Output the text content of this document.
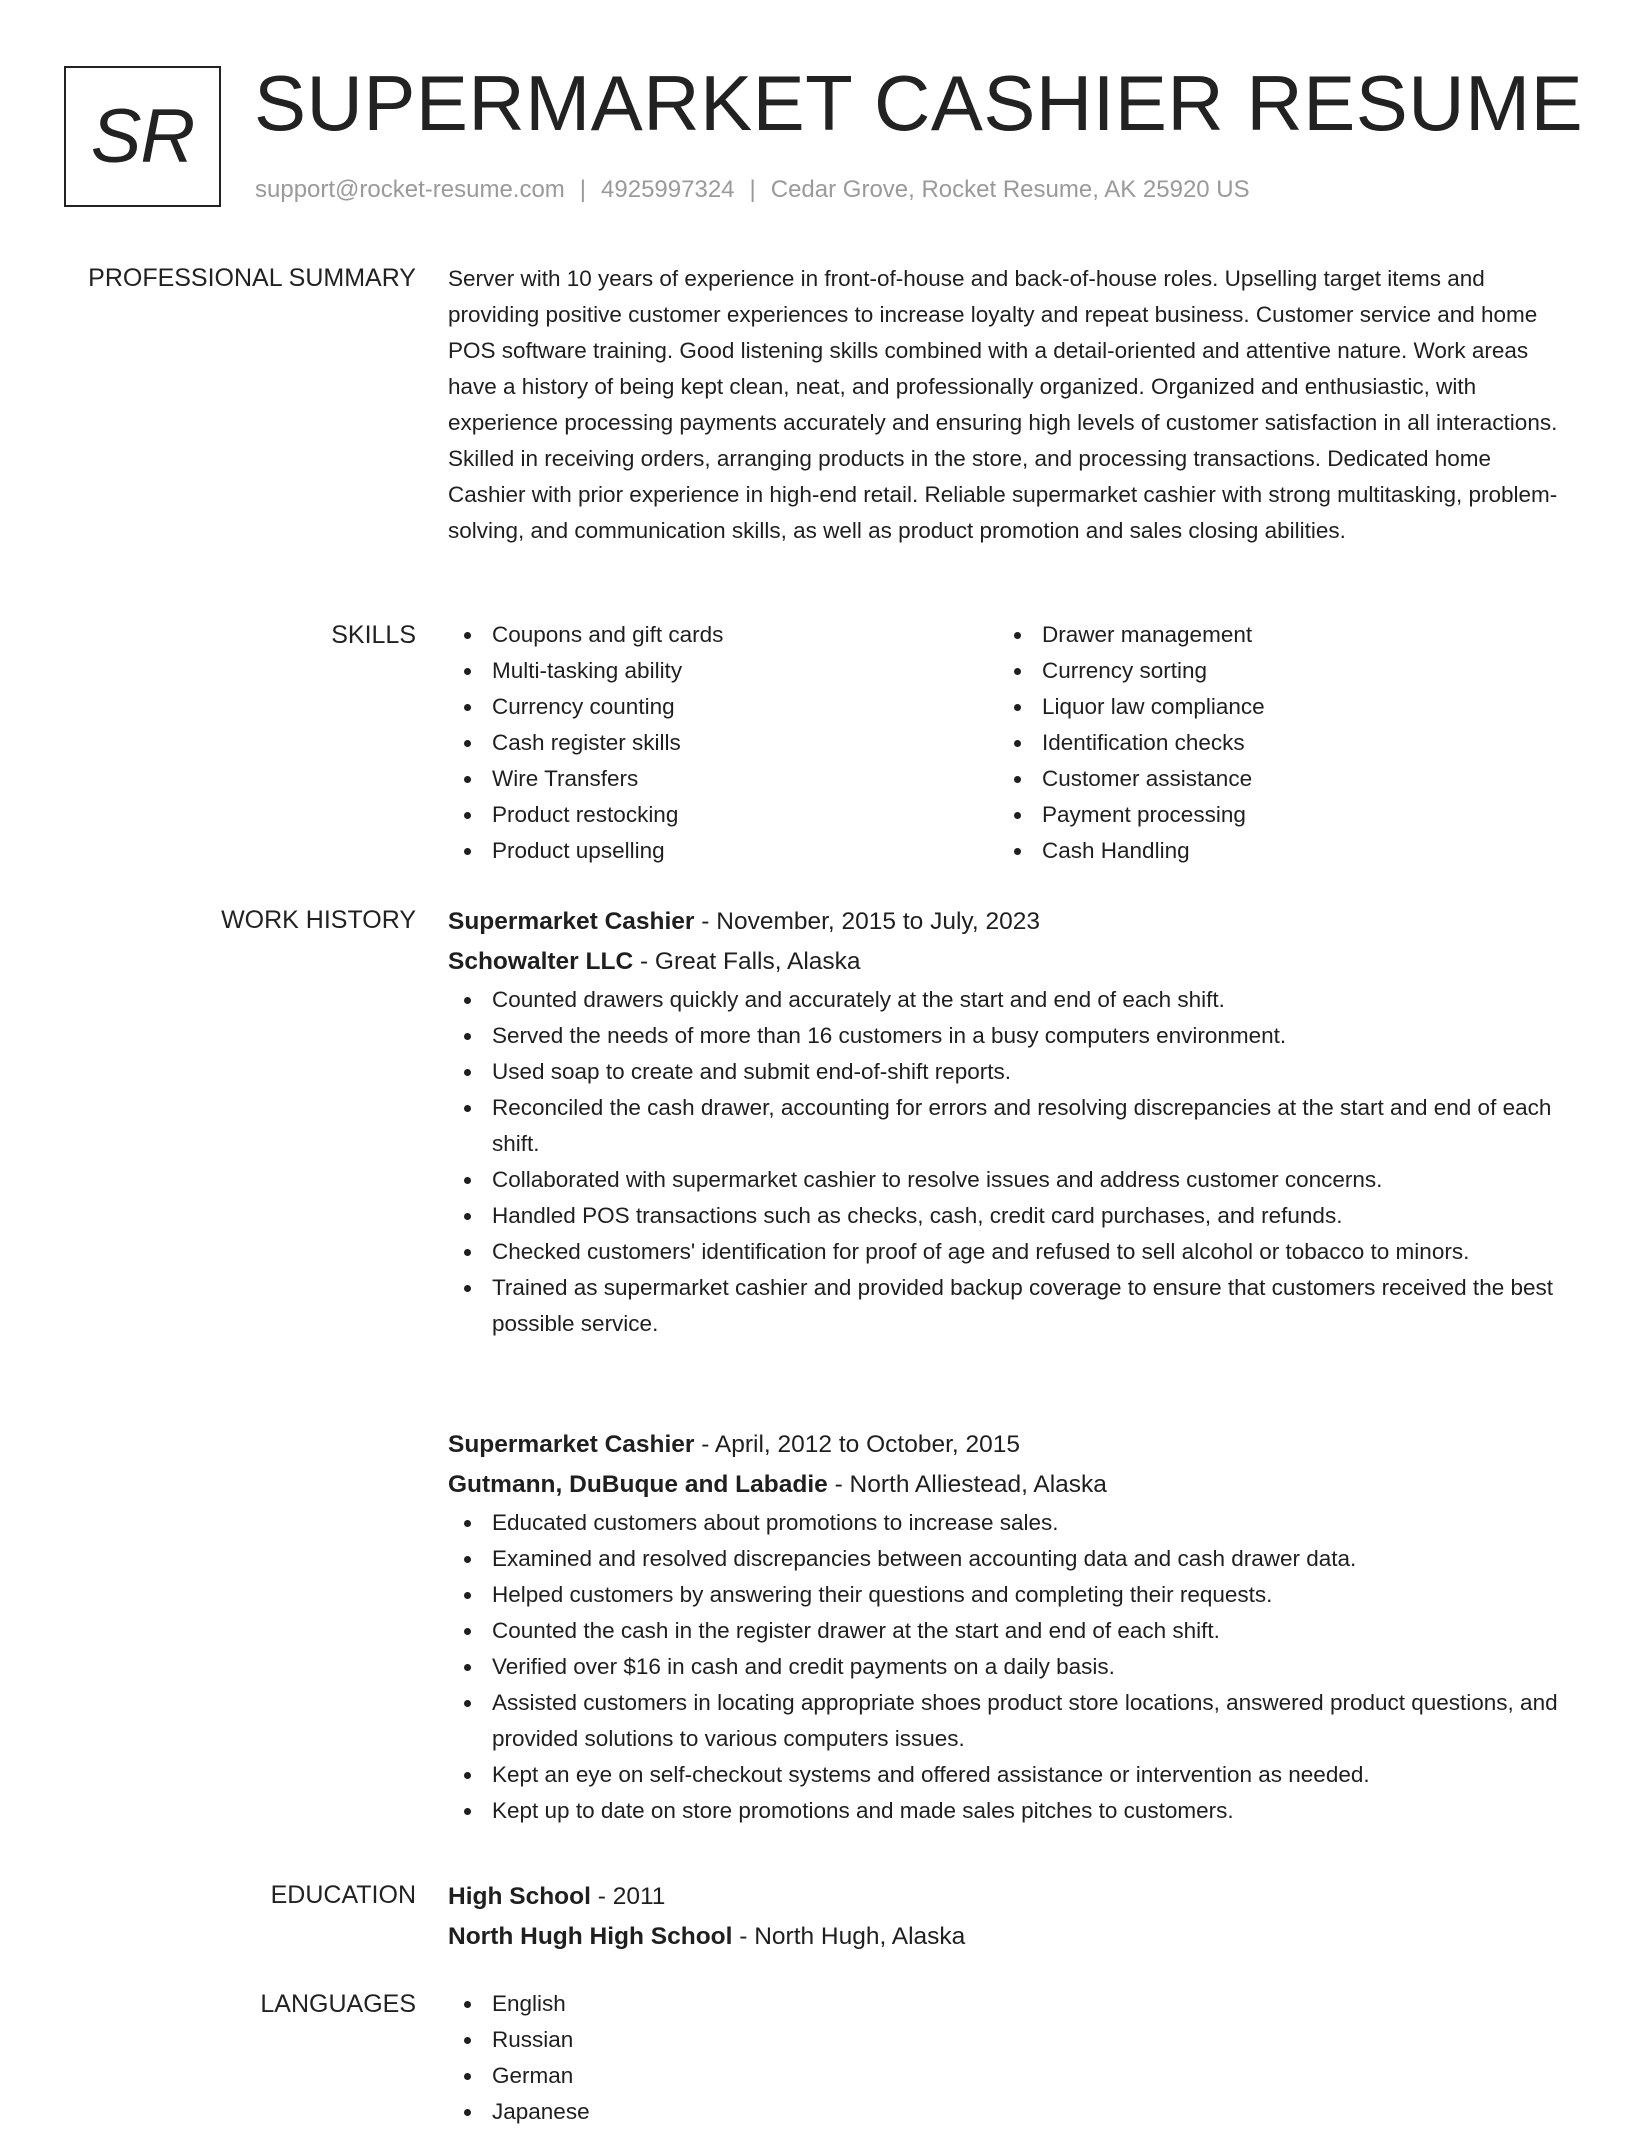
SR SUPERMARKET CASHIER RESUME
support@rocket-resume.com | 4925997324 | Cedar Grove, Rocket Resume, AK 25920 US
PROFESSIONAL SUMMARY Server with 10 years of experience in front-of-house and back-of-house roles. Upselling target items and providing positive customer experiences to increase loyalty and repeat business. Customer service and home POS software training. Good listening skills combined with a detail-oriented and attentive nature. Work areas have a history of being kept clean, neat, and professionally organized. Organized and enthusiastic, with experience processing payments accurately and ensuring high levels of customer satisfaction in all interactions. Skilled in receiving orders, arranging products in the store, and processing transactions. Dedicated home Cashier with prior experience in high-end retail. Reliable supermarket cashier with strong multitasking, problem-solving, and communication skills, as well as product promotion and sales closing abilities.

SKILLS	Coupons and gift cards
Multi-tasking ability
Currency counting
Cash register skills
Wire Transfers
Product restocking
Product upselling
Drawer management
Currency sorting
Liquor law compliance
Identification checks
Customer assistance
Payment processing
Cash Handling
WORK HISTORY Supermarket Cashier - November, 2015 to July, 2023
Schowalter LLC - Great Falls, Alaska
Counted drawers quickly and accurately at the start and end of each shift.
Served the needs of more than 16 customers in a busy computers environment.
Used soap to create and submit end-of-shift reports.
Reconciled the cash drawer, accounting for errors and resolving discrepancies at the start and end of each shift.
Collaborated with supermarket cashier to resolve issues and address customer concerns.
Handled POS transactions such as checks, cash, credit card purchases, and refunds.
Checked customers' identification for proof of age and refused to sell alcohol or tobacco to minors.
Trained as supermarket cashier and provided backup coverage to ensure that customers received the best possible service.
Supermarket Cashier - April, 2012 to October, 2015
Gutmann, DuBuque and Labadie - North Alliestead, Alaska
Educated customers about promotions to increase sales.
Examined and resolved discrepancies between accounting data and cash drawer data.
Helped customers by answering their questions and completing their requests.
Counted the cash in the register drawer at the start and end of each shift.
Verified over $16 in cash and credit payments on a daily basis.
Assisted customers in locating appropriate shoes product store locations, answered product questions, and provided solutions to various computers issues.
Kept an eye on self-checkout systems and offered assistance or intervention as needed.
Kept up to date on store promotions and made sales pitches to customers.
EDUCATION High School - 2011
North Hugh High School - North Hugh, Alaska
LANGUAGES	English
Russian
German
Japanese
